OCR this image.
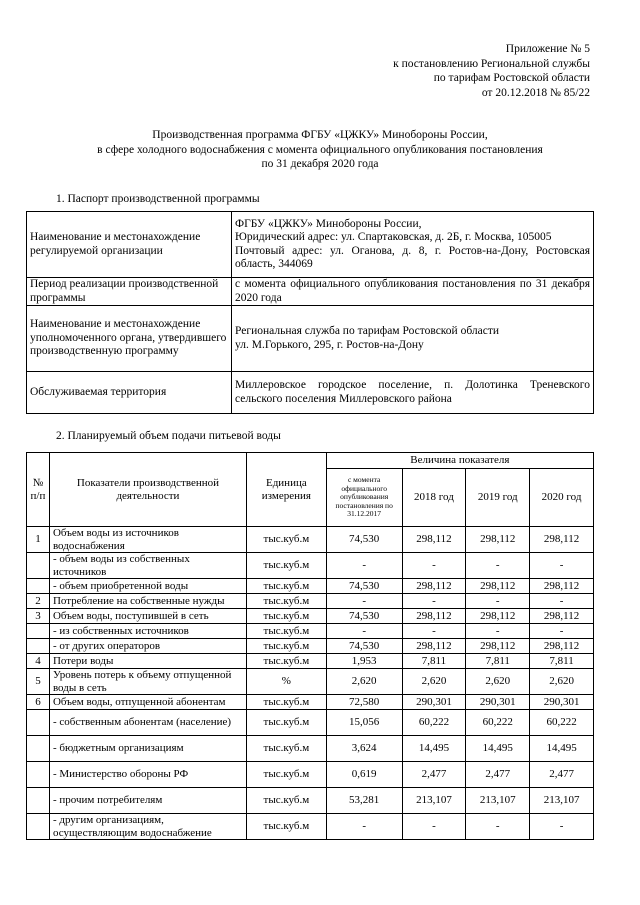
Приложение № 5
к постановлению Региональной службы
по тарифам Ростовской области
от 20.12.2018 № 85/22
Производственная программа ФГБУ «ЦЖКУ» Минобороны России,
в сфере холодного водоснабжения с момента официального опубликования постановления
по 31 декабря 2020 года
1. Паспорт производственной программы
Наименование и местонахождение регулируемой организации	ФГБУ «ЦЖКУ» Минобороны России,
Юридический адрес: ул. Спартаковская, д. 2Б, г. Москва, 105005
Почтовый адрес: ул. Оганова, д. 8, г. Ростов-на-Дону, Ростовская область, 344069

Период реализации производственной программы	с момента официального опубликования постановления по 31 декабря 2020 года

Наименование и местонахождение уполномоченного органа, утвердившего производственную программу	Региональная служба по тарифам Ростовской области
ул. М.Горького, 295, г. Ростов-на-Дону

Обслуживаемая территория	Миллеровское городское поселение, п. Долотинка Треневского сельского поселения Миллеровского района
2. Планируемый объем подачи питьевой воды
№ п/п	Показатели производственной деятельности	Единица измерения	Величина показателя			
			с момента официального опубликования постановления по 31.12.2017	2018 год	2019 год	2020 год
1	Объем воды из источников водоснабжения	тыс.куб.м	74,530	298,112	298,112	298,112
	- объем воды из собственных источников	тыс.куб.м	-	-	-	-
	- объем приобретенной воды	тыс.куб.м	74,530	298,112	298,112	298,112
2	Потребление на собственные нужды	тыс.куб.м	-	-	-	-
3	Объем воды, поступившей в сеть	тыс.куб.м	74,530	298,112	298,112	298,112
	- из собственных источников	тыс.куб.м	-	-	-	-
	- от других операторов	тыс.куб.м	74,530	298,112	298,112	298,112
4	Потери воды	тыс.куб.м	1,953	7,811	7,811	7,811
5	Уровень потерь к объему отпущенной воды в сеть	%	2,620	2,620	2,620	2,620
6	Объем воды, отпущенной абонентам	тыс.куб.м	72,580	290,301	290,301	290,301
	- собственным абонентам (население)	тыс.куб.м	15,056	60,222	60,222	60,222
	- бюджетным организациям	тыс.куб.м	3,624	14,495	14,495	14,495
	- Министерство обороны РФ	тыс.куб.м	0,619	2,477	2,477	2,477
	- прочим потребителям	тыс.куб.м	53,281	213,107	213,107	213,107
	- другим организациям, осуществляющим водоснабжение	тыс.куб.м	-	-	-	-
